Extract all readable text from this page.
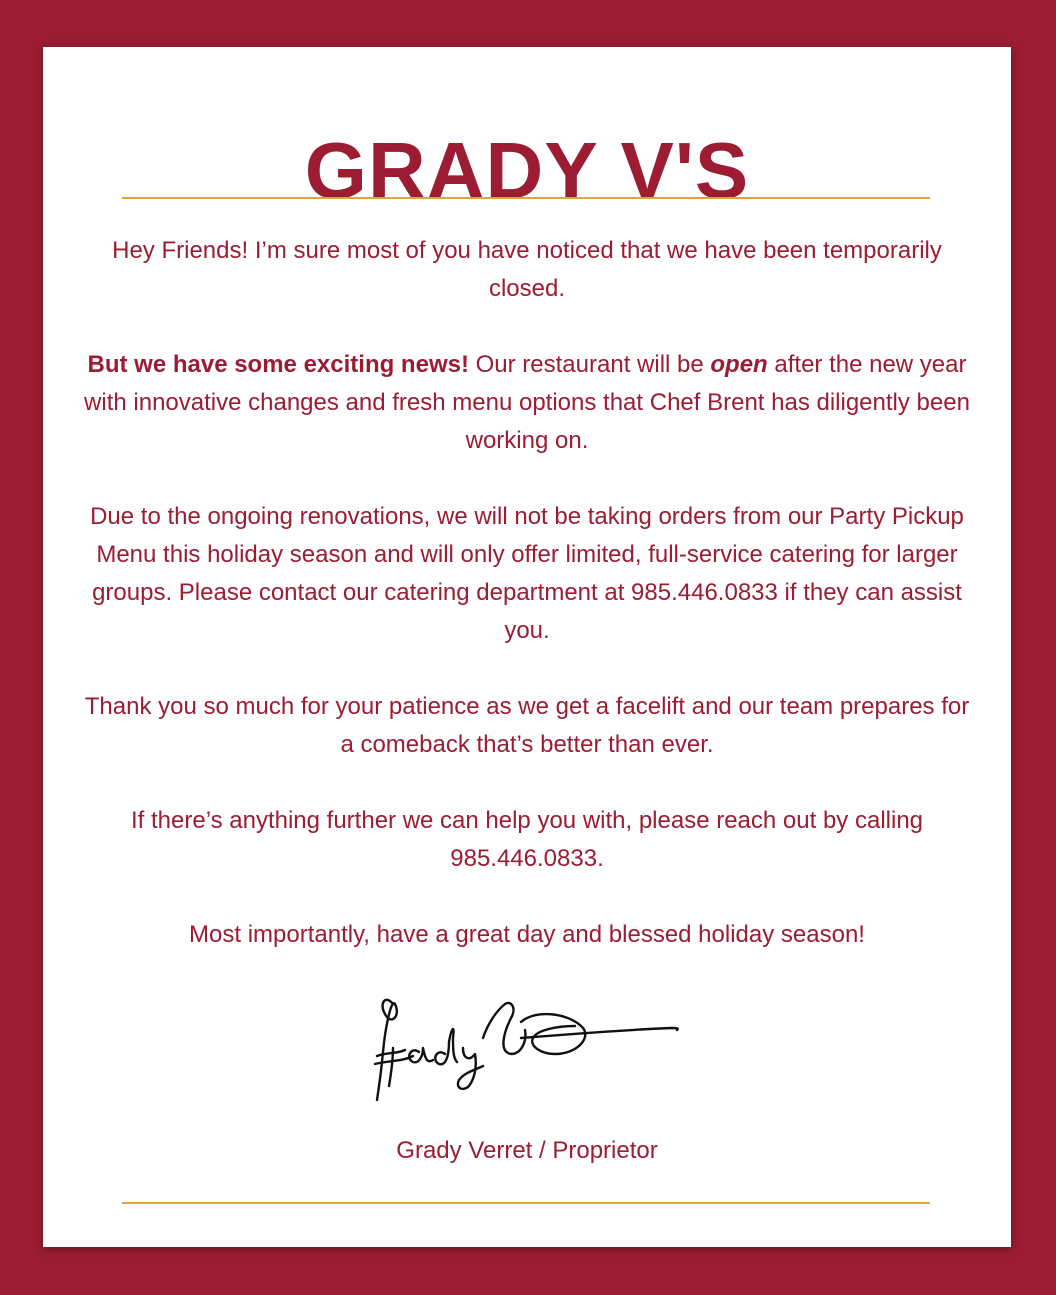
GRADY V'S

Hey Friends! I’m sure most of you have noticed that we have been temporarily closed.

But we have some exciting news! Our restaurant will be open after the new year with innovative changes and fresh menu options that Chef Brent has diligently been working on.

Due to the ongoing renovations, we will not be taking orders from our Party Pickup Menu this holiday season and will only offer limited, full-service catering for larger groups. Please contact our catering department at 985.446.0833 if they can assist you.

Thank you so much for your patience as we get a facelift and our team prepares for a comeback that’s better than ever.

If there’s anything further we can help you with, please reach out by calling 985.446.0833.

Most importantly, have a great day and blessed holiday season!

Grady Verret / Proprietor
